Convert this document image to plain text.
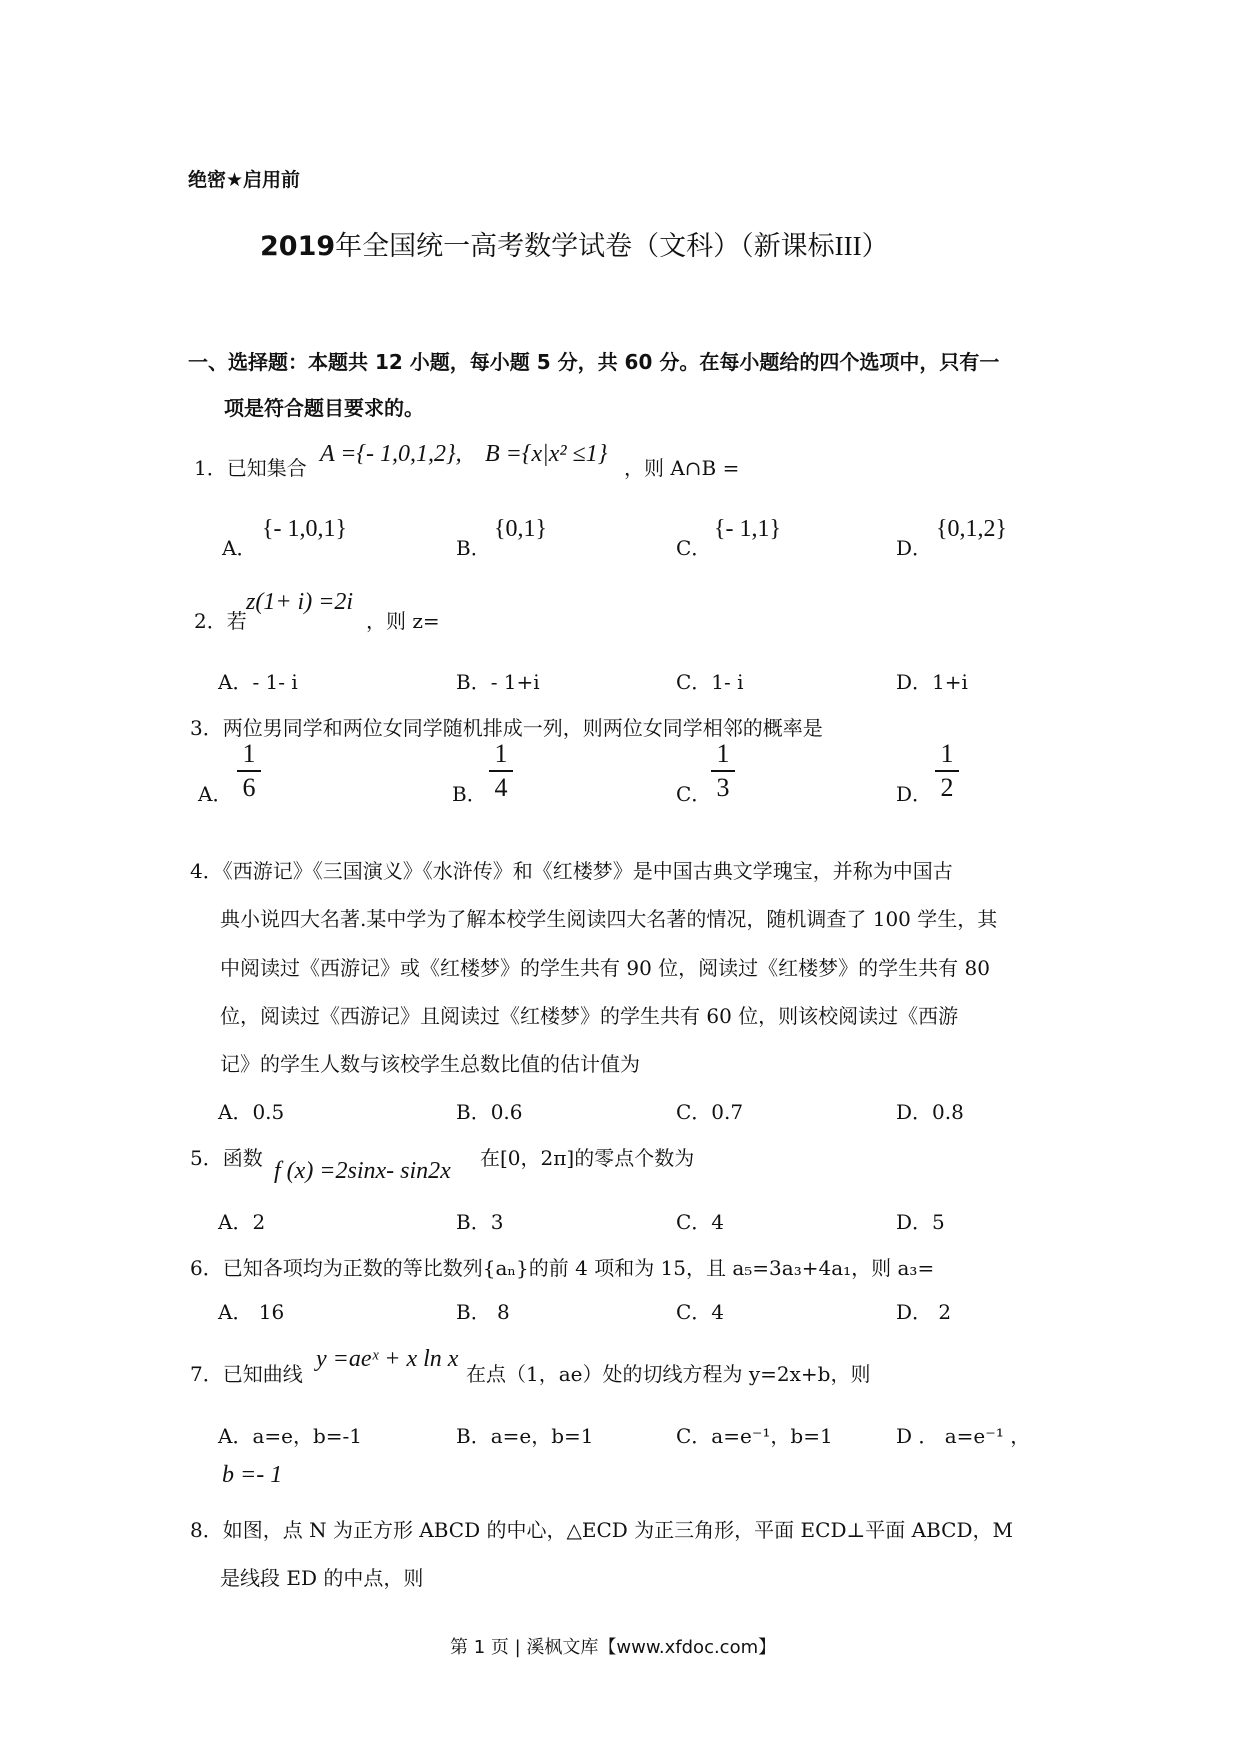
绝密★启用前
2019年全国统一高考数学试卷（文科）（新课标III）
一、选择题：本题共 12 小题，每小题 5 分，共 60 分。在每小题给的四个选项中，只有一
项是符合题目要求的。
1．已知集合
A ={- 1,0,1,2}, B ={x|x² ≤1}
，则 A∩B =
A．
{- 1,0,1}
B．
{0,1}
C．
{- 1,1}
D．
{0,1,2}
2．若
z(1+ i) =2i
，则 z=
A．- 1- i	B．- 1+i	C．1- i	D．1+i
3．两位男同学和两位女同学随机排成一列，则两位女同学相邻的概率是
A．
1
6	B．
1
4	C．
1
3	D．
1
2
4．《西游记》《三国演义》《水浒传》和《红楼梦》是中国古典文学瑰宝，并称为中国古
典小说四大名著.某中学为了解本校学生阅读四大名著的情况，随机调查了 100 学生，其
中阅读过《西游记》或《红楼梦》的学生共有 90 位，阅读过《红楼梦》的学生共有 80
位，阅读过《西游记》且阅读过《红楼梦》的学生共有 60 位，则该校阅读过《西游
记》的学生人数与该校学生总数比值的估计值为
A．0.5	B．0.6	C．0.7	D．0.8
5．函数 f (x) =2sinx- sin2x 在[0，2π]的零点个数为
A．2	B．3	C．4	D．5
6．已知各项均为正数的等比数列{aₙ}的前 4 项和为 15，且 a₅=3a₃+4a₁，则 a₃=
A． 16	B． 8	C．4	D． 2
7．已知曲线
y =aeˣ + x ln x
在点（1，ae）处的切线方程为 y=2x+b，则
A．a=e，b=-1	B．a=e，b=1	C．a=e⁻¹，b=1	D ． a=e⁻¹ ，
b =- 1
8．如图，点 N 为正方形 ABCD 的中心，△ECD 为正三角形，平面 ECD⊥平面 ABCD，M
是线段 ED 的中点，则
第 1 页 | 溪枫文库【www.xfdoc.com】
